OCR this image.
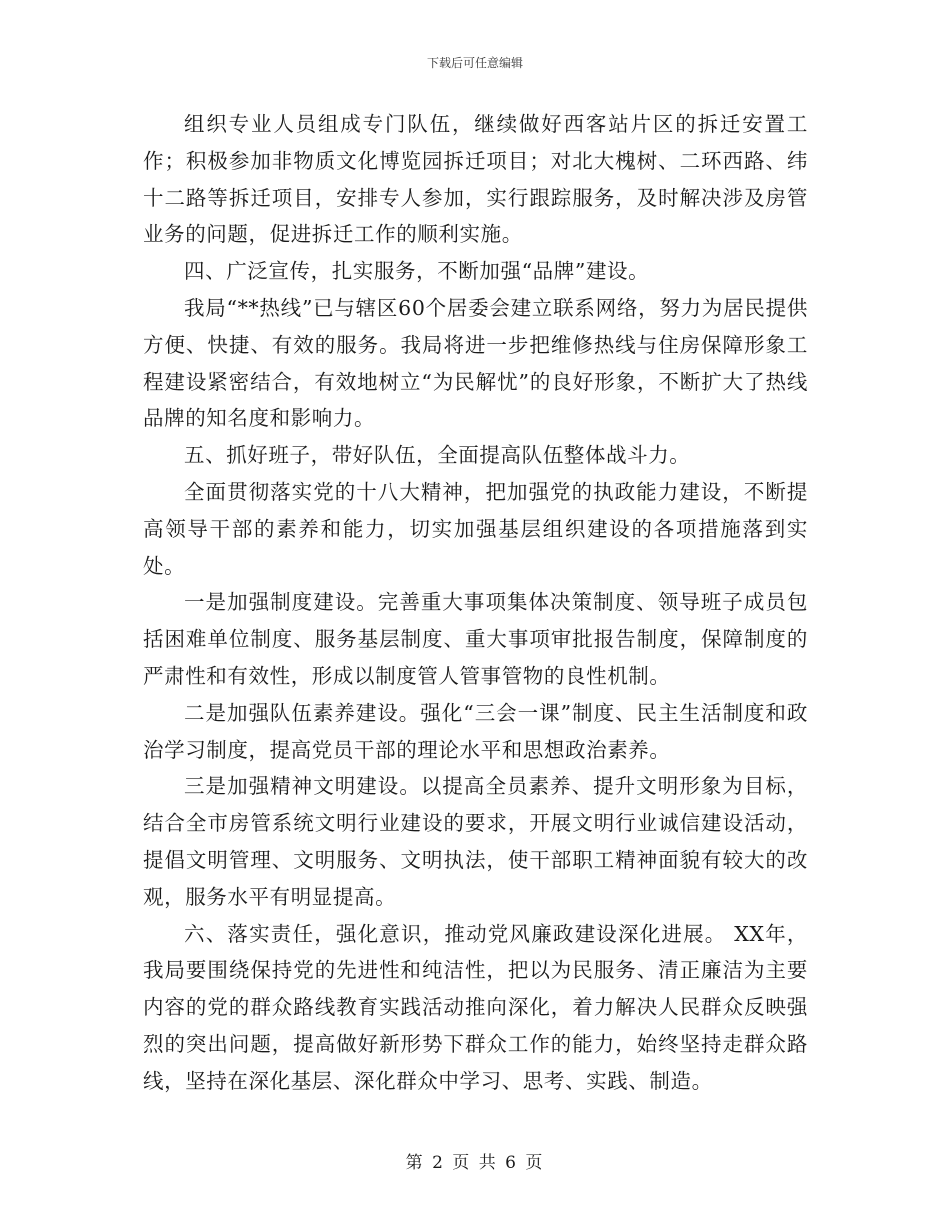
下载后可任意编辑

组织专业人员组成专门队伍，继续做好西客站片区的拆迁安置工作；积极参加非物质文化博览园拆迁项目；对北大槐树、二环西路、纬十二路等拆迁项目，安排专人参加，实行跟踪服务，及时解决涉及房管业务的问题，促进拆迁工作的顺利实施。

四、广泛宣传，扎实服务，不断加强“品牌”建设。

我局“**热线”已与辖区60个居委会建立联系网络，努力为居民提供方便、快捷、有效的服务。我局将进一步把维修热线与住房保障形象工程建设紧密结合，有效地树立“为民解忧”的良好形象，不断扩大了热线品牌的知名度和影响力。

五、抓好班子，带好队伍，全面提高队伍整体战斗力。

全面贯彻落实党的十八大精神，把加强党的执政能力建设，不断提高领导干部的素养和能力，切实加强基层组织建设的各项措施落到实处。

一是加强制度建设。完善重大事项集体决策制度、领导班子成员包括困难单位制度、服务基层制度、重大事项审批报告制度，保障制度的严肃性和有效性，形成以制度管人管事管物的良性机制。

二是加强队伍素养建设。强化“三会一课”制度、民主生活制度和政治学习制度，提高党员干部的理论水平和思想政治素养。

三是加强精神文明建设。以提高全员素养、提升文明形象为目标，结合全市房管系统文明行业建设的要求，开展文明行业诚信建设活动，提倡文明管理、文明服务、文明执法，使干部职工精神面貌有较大的改观，服务水平有明显提高。

六、落实责任，强化意识，推动党风廉政建设深化进展。 XX年，我局要围绕保持党的先进性和纯洁性，把以为民服务、清正廉洁为主要内容的党的群众路线教育实践活动推向深化，着力解决人民群众反映强烈的突出问题，提高做好新形势下群众工作的能力，始终坚持走群众路线，坚持在深化基层、深化群众中学习、思考、实践、制造。

第 2 页 共 6 页
